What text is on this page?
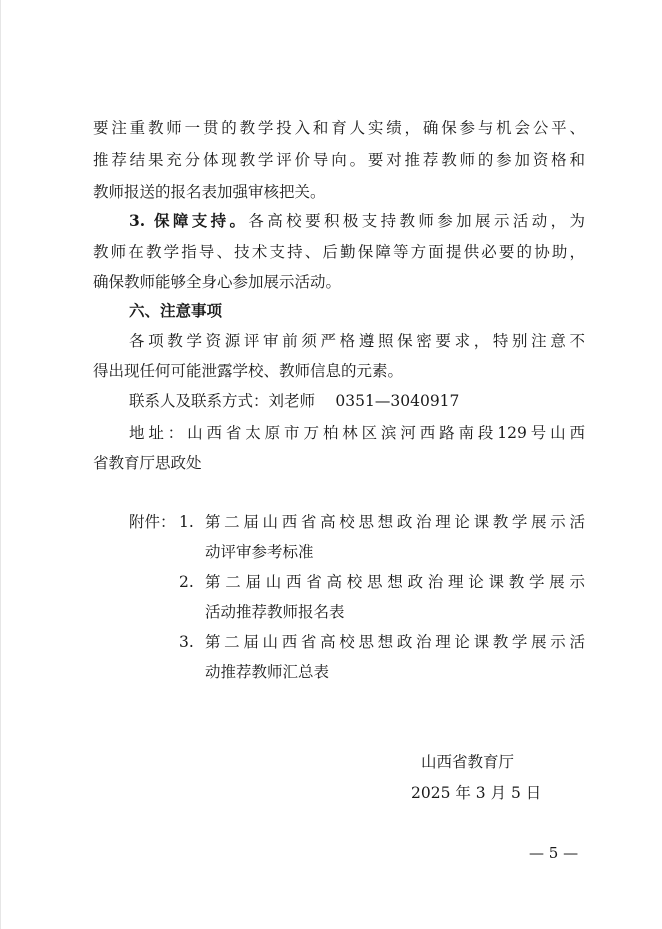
要注重教师一贯的教学投入和育人实绩，确保参与机会公平、
推荐结果充分体现教学评价导向。要对推荐教师的参加资格和
教师报送的报名表加强审核把关。
3. 保障支持。各高校要积极支持教师参加展示活动，为
教师在教学指导、技术支持、后勤保障等方面提供必要的协助，
确保教师能够全身心参加展示活动。
六、注意事项
各项教学资源评审前须严格遵照保密要求，特别注意不
得出现任何可能泄露学校、教师信息的元素。
联系人及联系方式：刘老师　 0351—3040917
地址：山西省太原市万柏林区滨河西路南段129号山西
省教育厅思政处
附件： 1. 第二届山西省高校思想政治理论课教学展示活
动评审参考标准
2. 第二届山西省高校思想政治理论课教学展示
活动推荐教师报名表
3. 第二届山西省高校思想政治理论课教学展示活
动推荐教师汇总表
山西省教育厅
2025 年 3 月 5 日
— 5 —
